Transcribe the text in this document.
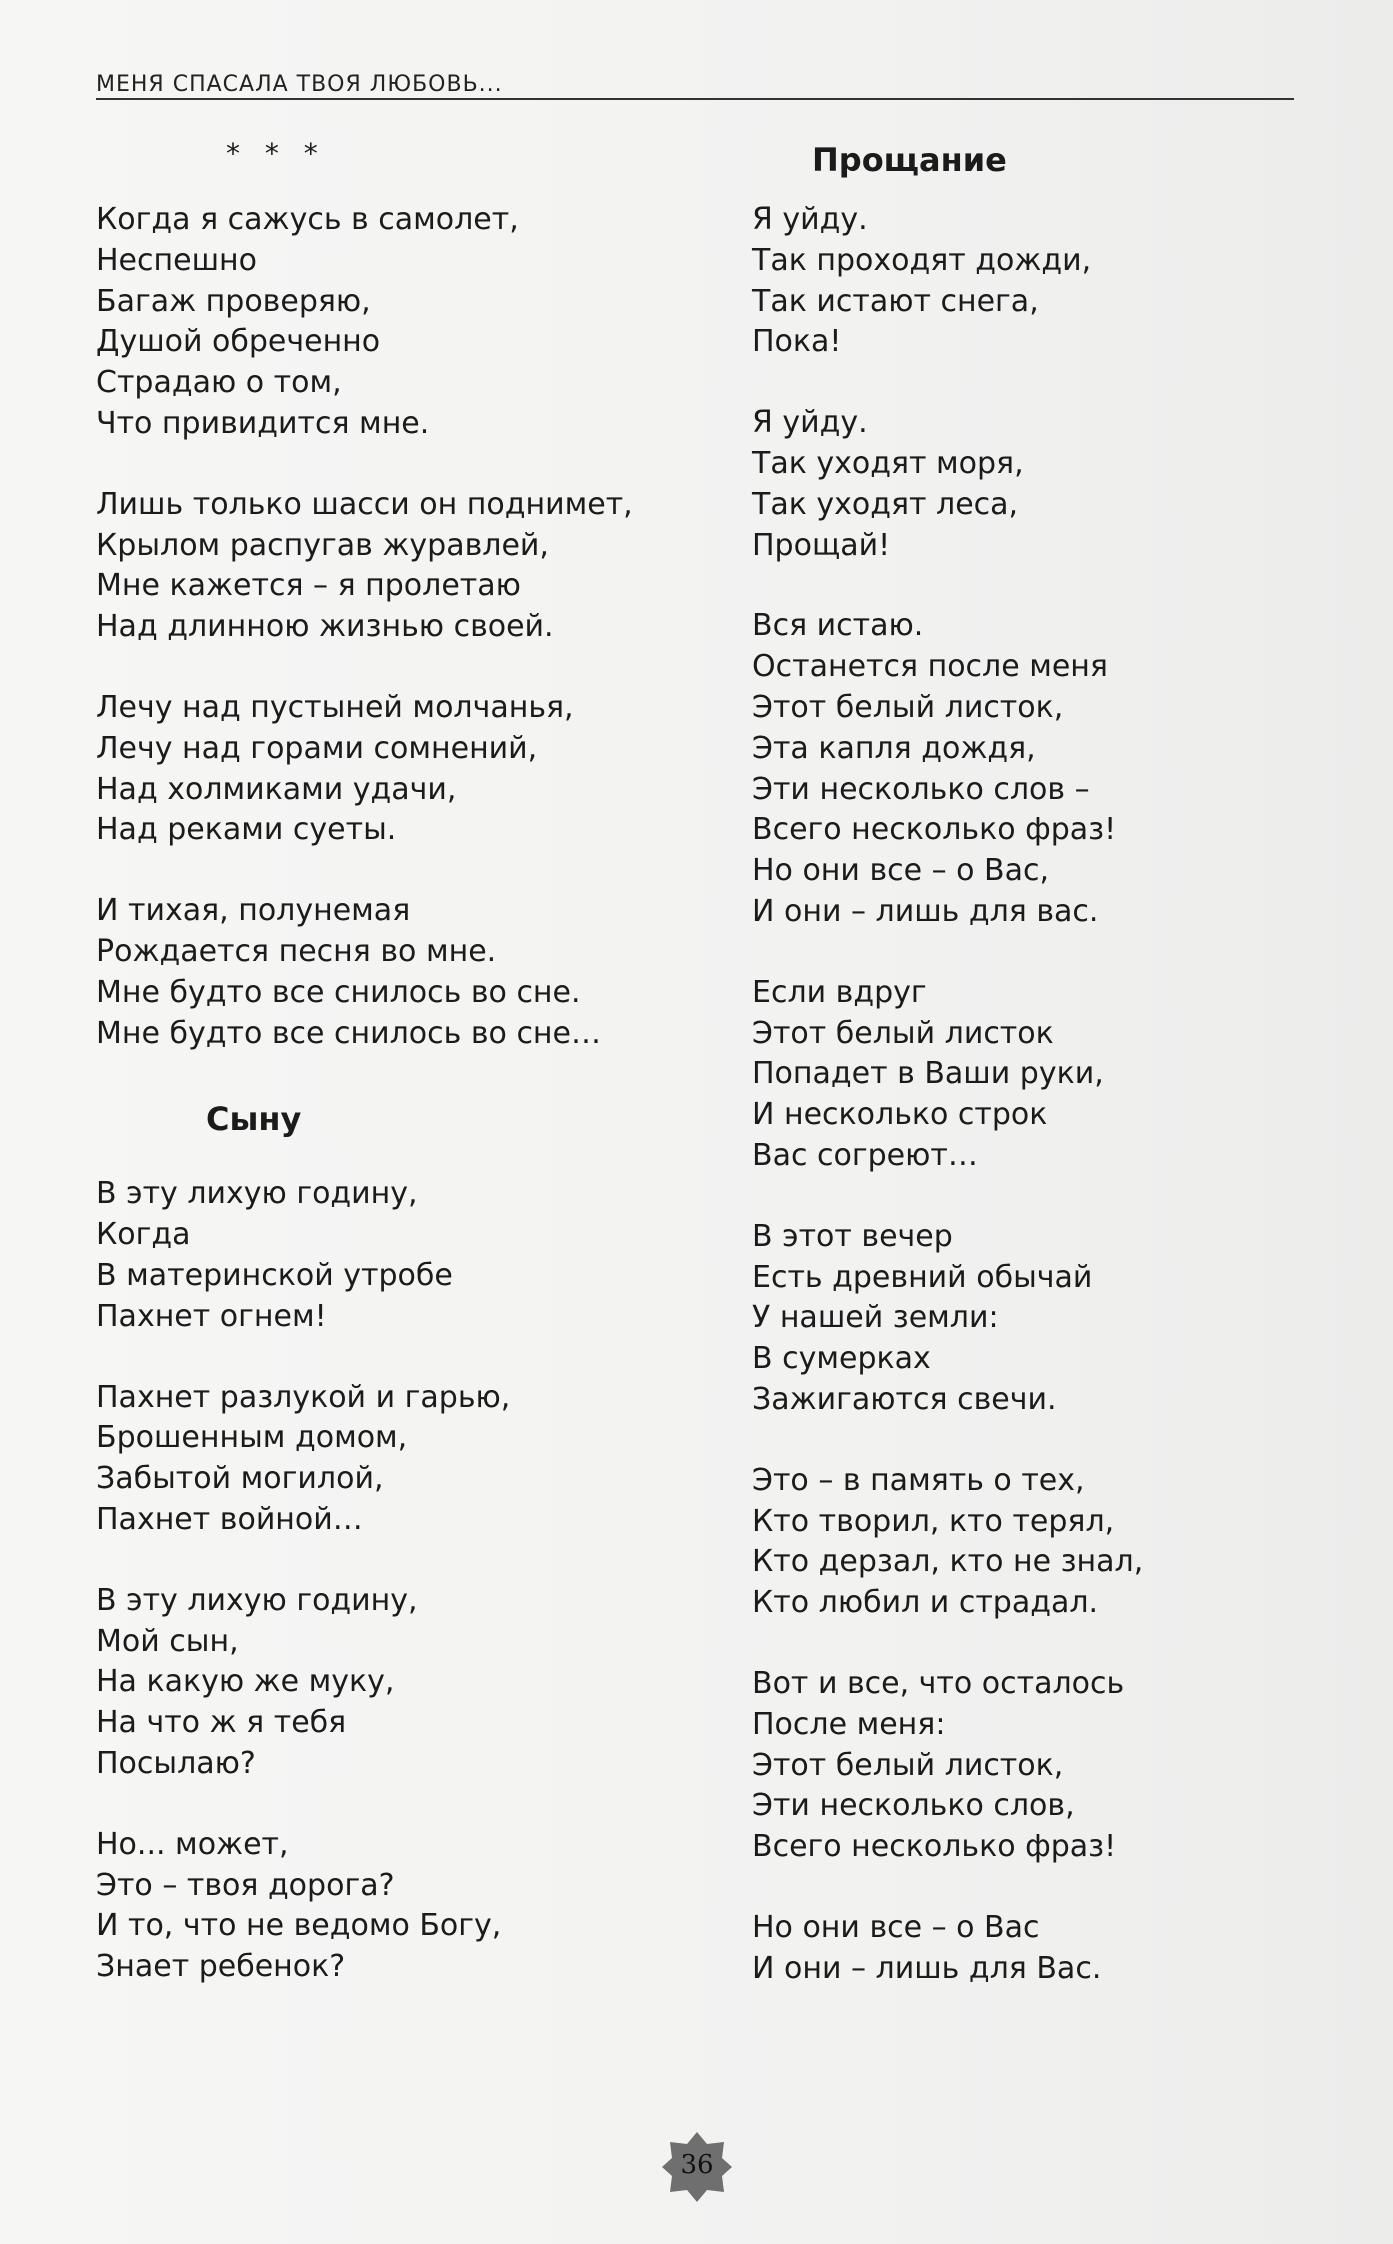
МЕНЯ СПАСАЛА ТВОЯ ЛЮБОВЬ...
* * *
Когда я сажусь в самолет,
Неспешно
Багаж проверяю,
Душой обреченно
Страдаю о том,
Что привидится мне.
Лишь только шасси он поднимет,
Крылом распугав журавлей,
Мне кажется – я пролетаю
Над длинною жизнью своей.
Лечу над пустыней молчанья,
Лечу над горами сомнений,
Над холмиками удачи,
Над реками суеты.
И тихая, полунемая
Рождается песня во мне.
Мне будто все снилось во сне.
Мне будто все снилось во сне…
Сыну
В эту лихую годину,
Когда
В материнской утробе
Пахнет огнем!
Пахнет разлукой и гарью,
Брошенным домом,
Забытой могилой,
Пахнет войной…
В эту лихую годину,
Мой сын,
На какую же муку,
На что ж я тебя
Посылаю?
Но... может,
Это – твоя дорога?
И то, что не ведомо Богу,
Знает ребенок?
Прощание
Я уйду.
Так проходят дожди,
Так истают снега,
Пока!
Я уйду.
Так уходят моря,
Так уходят леса,
Прощай!
Вся истаю.
Останется после меня
Этот белый листок,
Эта капля дождя,
Эти несколько слов –
Всего несколько фраз!
Но они все – о Вас,
И они – лишь для вас.
Если вдруг
Этот белый листок
Попадет в Ваши руки,
И несколько строк
Вас согреют…
В этот вечер
Есть древний обычай
У нашей земли:
В сумерках
Зажигаются свечи.
Это – в память о тех,
Кто творил, кто терял,
Кто дерзал, кто не знал,
Кто любил и страдал.
Вот и все, что осталось
После меня:
Этот белый листок,
Эти несколько слов,
Всего несколько фраз!
Но они все – о Вас
И они – лишь для Вас.
36
